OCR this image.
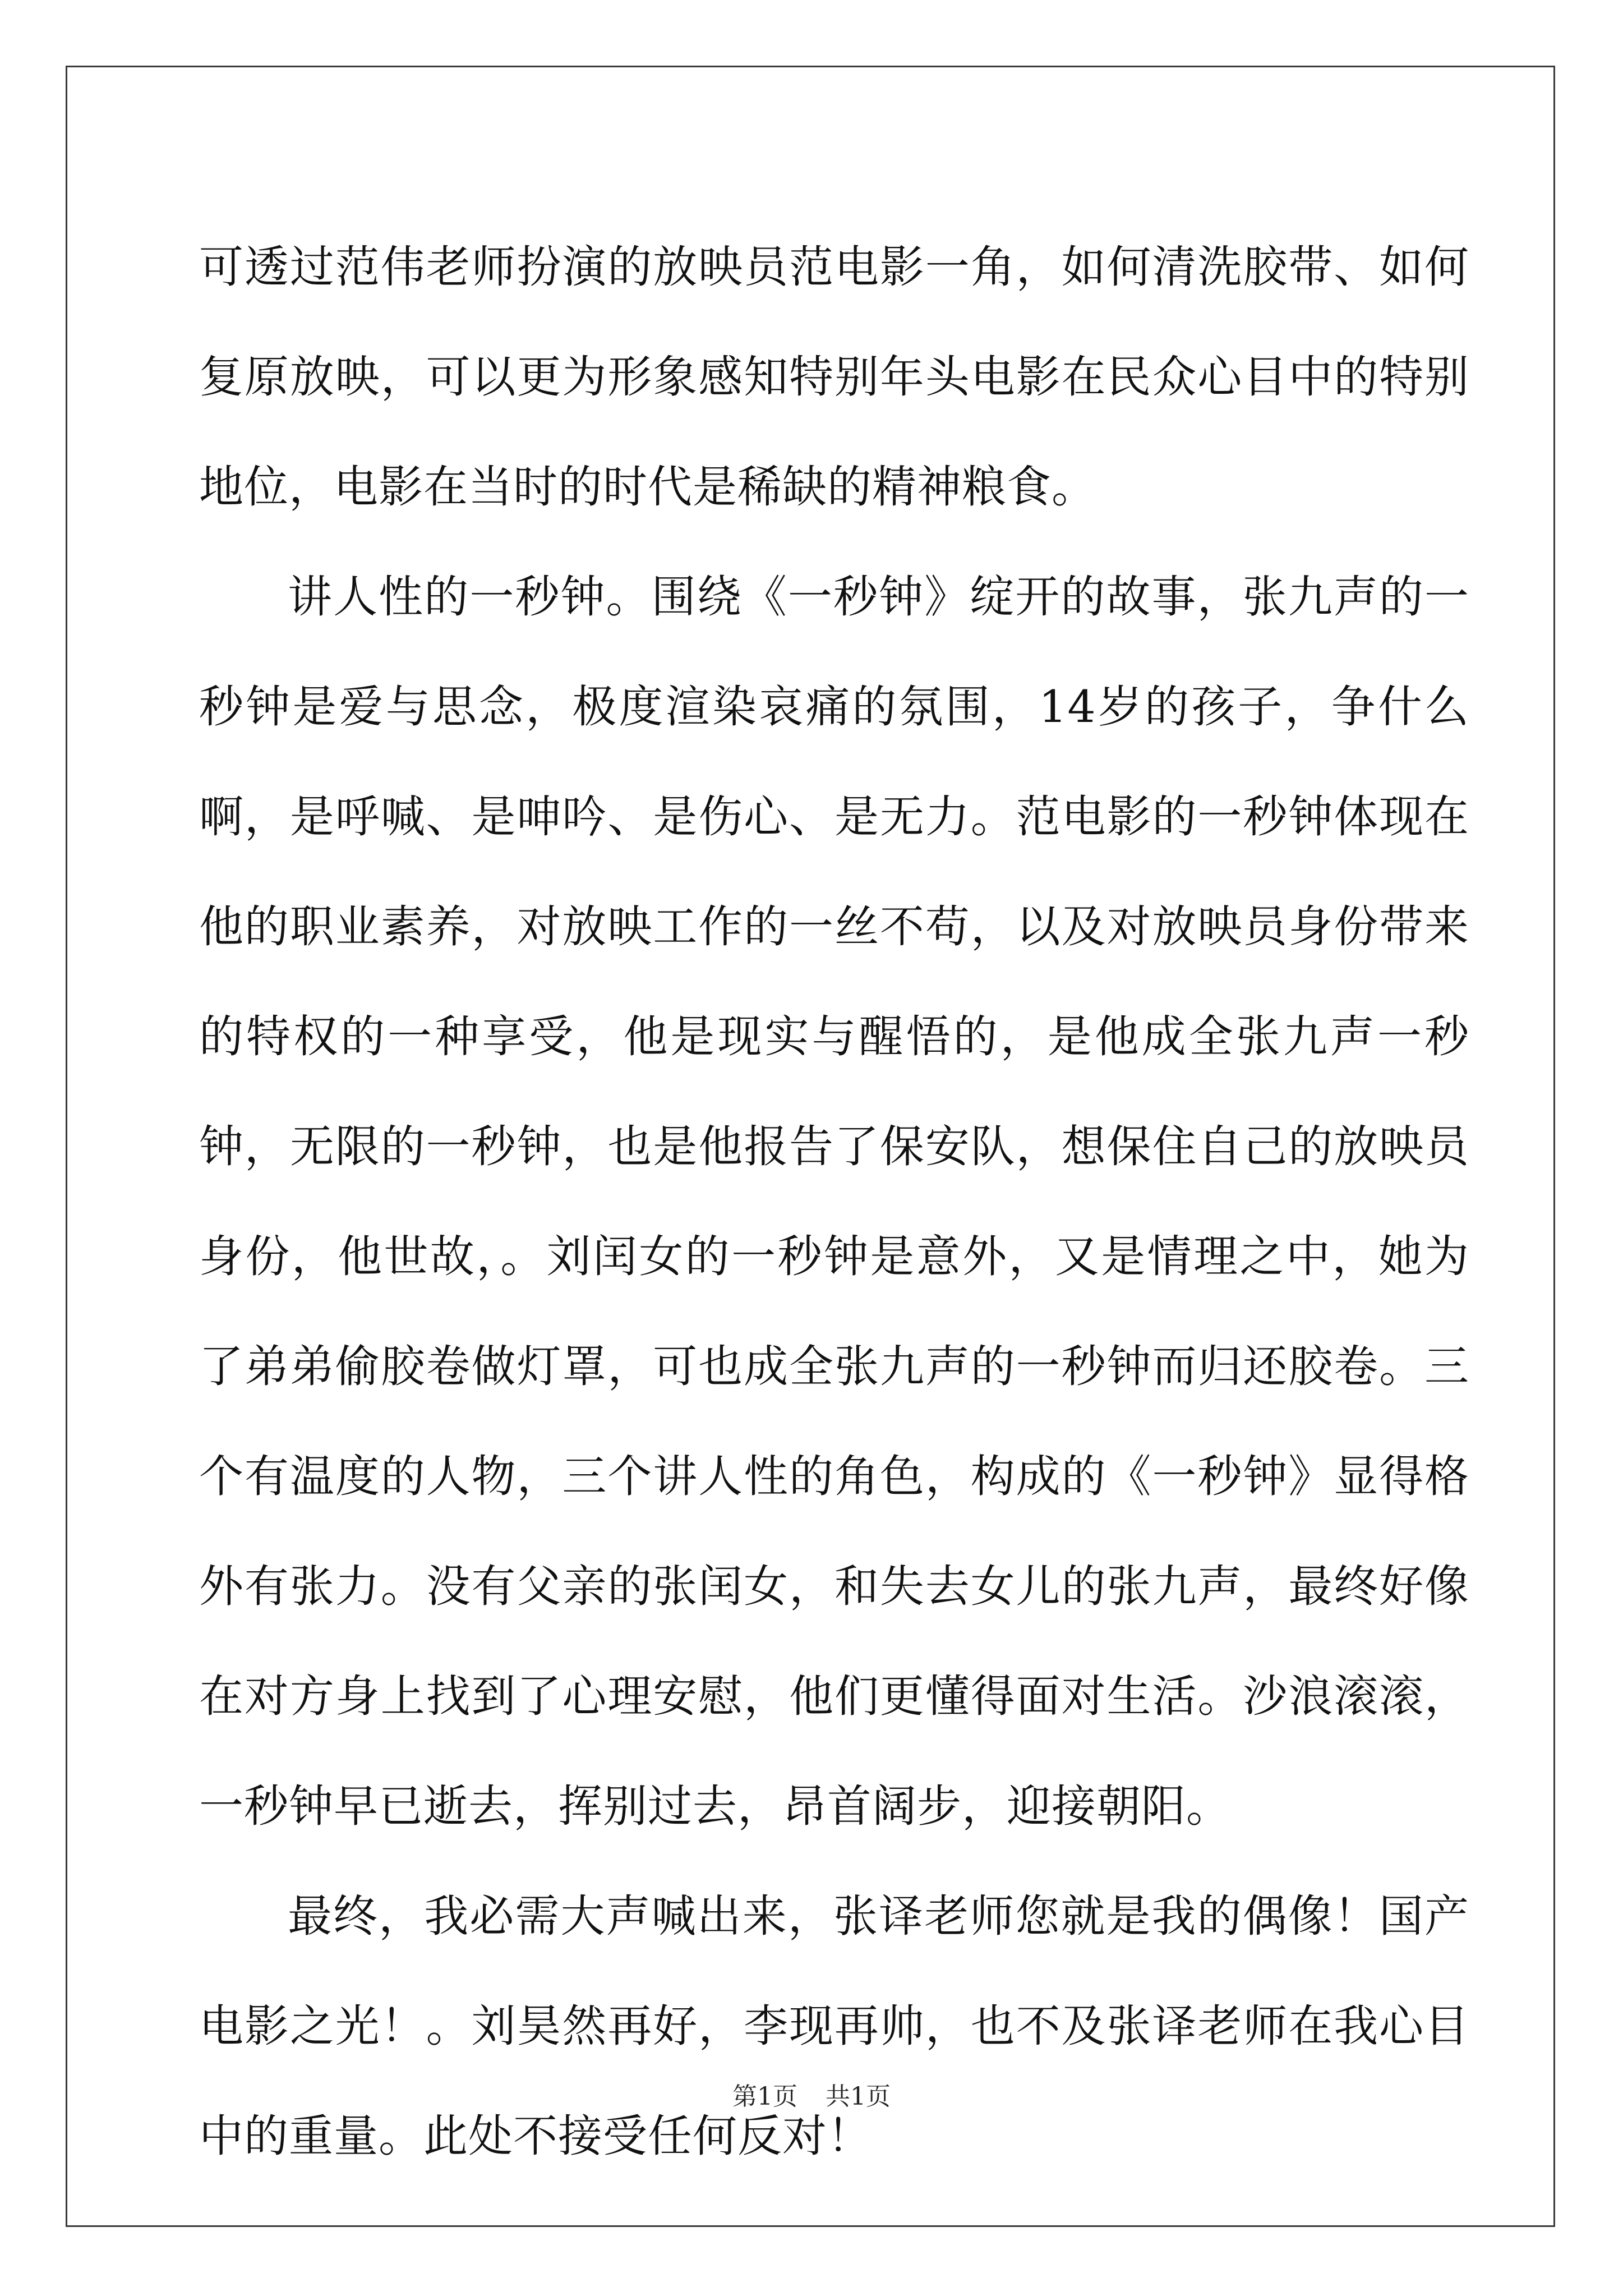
可透过范伟老师扮演的放映员范电影一角，如何清洗胶带、如何复原放映，可以更为形象感知特别年头电影在民众心目中的特别地位，电影在当时的时代是稀缺的精神粮食。

讲人性的一秒钟。围绕《一秒钟》绽开的故事，张九声的一秒钟是爱与思念，极度渲染哀痛的氛围，14岁的孩子，争什么啊，是呼喊、是呻吟、是伤心、是无力。范电影的一秒钟体现在他的职业素养，对放映工作的一丝不苟，以及对放映员身份带来的特权的一种享受，他是现实与醒悟的，是他成全张九声一秒钟，无限的一秒钟，也是他报告了保安队，想保住自己的放映员身份，他世故，。刘闰女的一秒钟是意外，又是情理之中，她为了弟弟偷胶卷做灯罩，可也成全张九声的一秒钟而归还胶卷。三个有温度的人物，三个讲人性的角色，构成的《一秒钟》显得格外有张力。没有父亲的张闰女，和失去女儿的张九声，最终好像在对方身上找到了心理安慰，他们更懂得面对生活。沙浪滚滚，一秒钟早已逝去，挥别过去，昂首阔步，迎接朝阳。

最终，我必需大声喊出来，张译老师您就是我的偶像！国产电影之光！。刘昊然再好，李现再帅，也不及张译老师在我心目中的重量。此处不接受任何反对！

第1页 共1页
